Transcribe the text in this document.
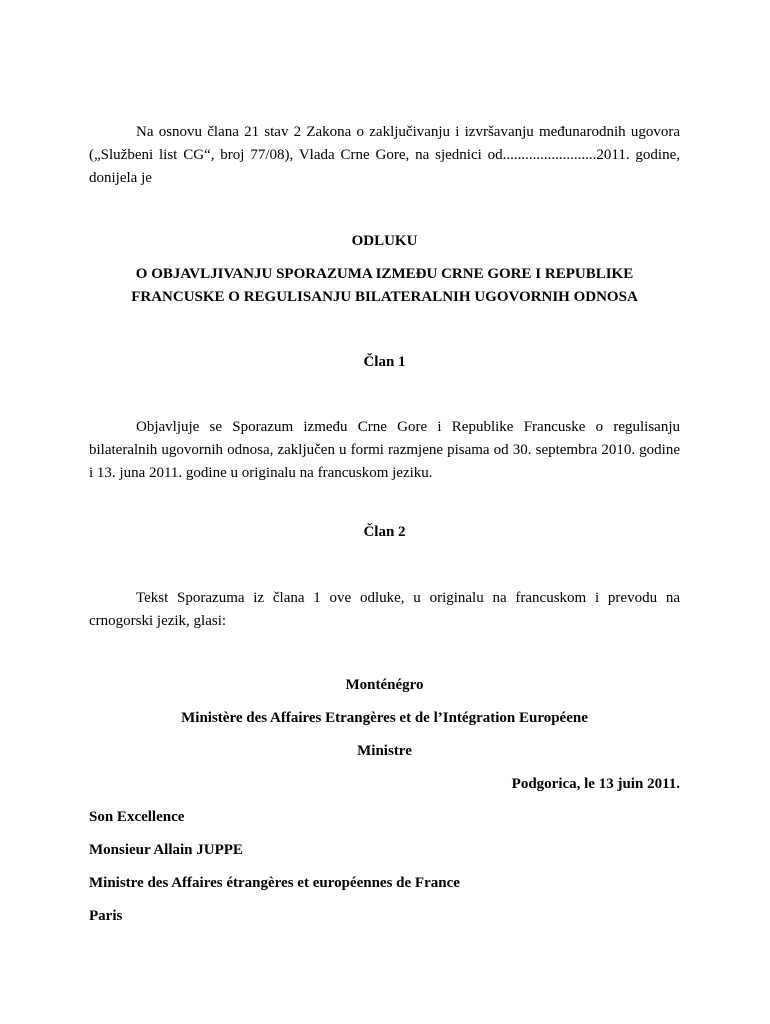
Na osnovu člana 21 stav 2 Zakona o zaključivanju i izvršavanju međunarodnih ugovora („Službeni list CG“, broj 77/08), Vlada Crne Gore, na sjednici od.........................2011. godine, donijela je

ODLUKU

O OBJAVLJIVANJU SPORAZUMA IZMEĐU CRNE GORE I REPUBLIKE FRANCUSKE O REGULISANJU BILATERALNIH UGOVORNIH ODNOSA

Član 1

Objavljuje se Sporazum između Crne Gore i Republike Francuske o regulisanju bilateralnih ugovornih odnosa, zaključen u formi razmjene pisama od 30. septembra 2010. godine i 13. juna 2011. godine u originalu na francuskom jeziku.

Član 2

Tekst Sporazuma iz člana 1 ove odluke, u originalu na francuskom i prevodu na crnogorski jezik, glasi:

Monténégro

Ministère des Affaires Etrangères et de l’Intégration Européene

Ministre

Podgorica, le 13 juin 2011.

Son Excellence

Monsieur Allain JUPPE

Ministre des Affaires étrangères et européennes de France

Paris
